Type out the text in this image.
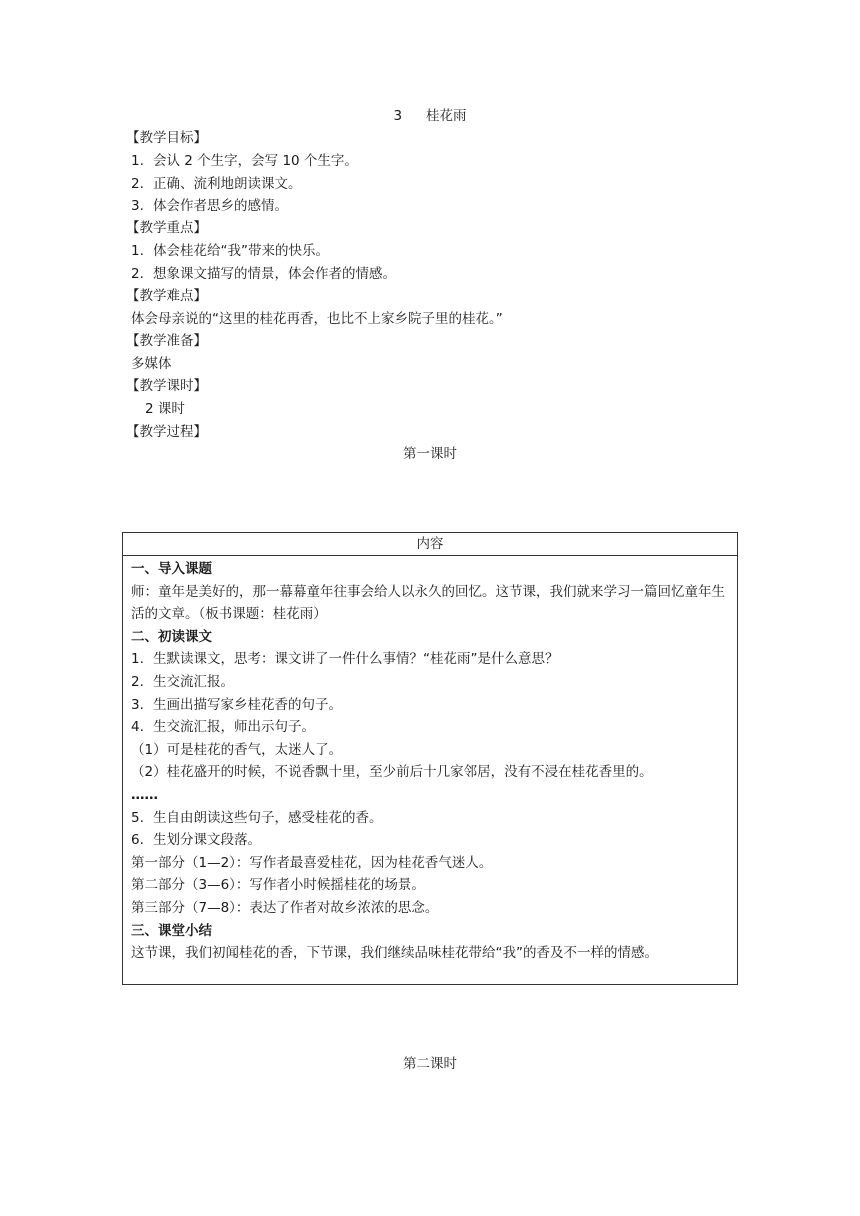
3 桂花雨
【教学目标】
1. 会认 2 个生字，会写 10 个生字。
2. 正确、流利地朗读课文。
3. 体会作者思乡的感情。
【教学重点】
1. 体会桂花给“我”带来的快乐。
2. 想象课文描写的情景，体会作者的情感。
【教学难点】
体会母亲说的“这里的桂花再香，也比不上家乡院子里的桂花。”
【教学准备】
多媒体
【教学课时】
2 课时
【教学过程】
第一课时
内容

一、导入课题
师：童年是美好的，那一幕幕童年往事会给人以永久的回忆。这节课，我们就来学习一篇回忆童年生活的文章。（板书课题：桂花雨）
二、初读课文
1. 生默读课文，思考：课文讲了一件什么事情？“桂花雨”是什么意思？
2. 生交流汇报。
3. 生画出描写家乡桂花香的句子。
4. 生交流汇报，师出示句子。
（1）可是桂花的香气，太迷人了。
（2）桂花盛开的时候，不说香飘十里，至少前后十几家邻居，没有不浸在桂花香里的。
……
5. 生自由朗读这些句子，感受桂花的香。
6. 生划分课文段落。
第一部分（1—2）：写作者最喜爱桂花，因为桂花香气迷人。
第二部分（3—6）：写作者小时候摇桂花的场景。
第三部分（7—8）：表达了作者对故乡浓浓的思念。
三、课堂小结
这节课，我们初闻桂花的香，下节课，我们继续品味桂花带给“我”的香及不一样的情感。
第二课时
